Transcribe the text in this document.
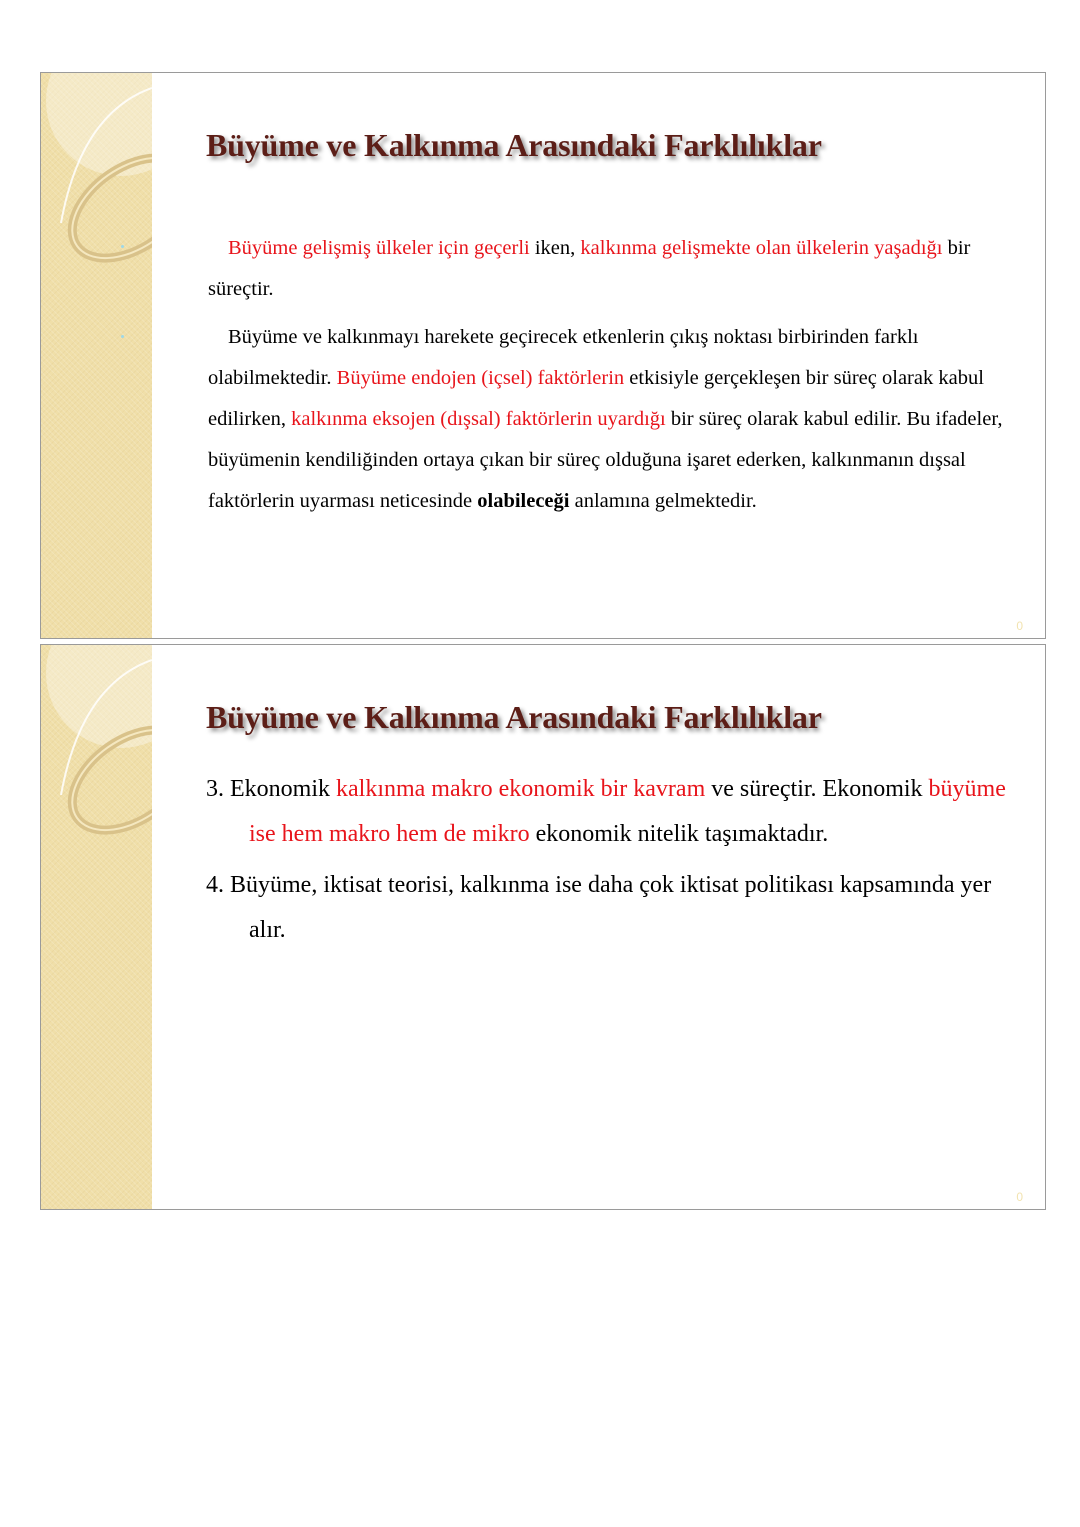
Büyüme ve Kalkınma Arasındaki Farklılıklar

Büyüme gelişmiş ülkeler için geçerli iken, kalkınma gelişmekte olan ülkelerin yaşadığı bir süreçtir.

Büyüme ve kalkınmayı harekete geçirecek etkenlerin çıkış noktası birbirinden farklı olabilmektedir. Büyüme endojen (içsel) faktörlerin etkisiyle gerçekleşen bir süreç olarak kabul edilirken, kalkınma eksojen (dışsal) faktörlerin uyardığı bir süreç olarak kabul edilir. Bu ifadeler, büyümenin kendiliğinden ortaya çıkan bir süreç olduğuna işaret ederken, kalkınmanın dışsal faktörlerin uyarması neticesinde olabileceği anlamına gelmektedir.

0
Büyüme ve Kalkınma Arasındaki Farklılıklar
3. Ekonomik kalkınma makro ekonomik bir kavram ve süreçtir. Ekonomik büyüme ise hem makro hem de mikro ekonomik nitelik taşımaktadır.
4. Büyüme, iktisat teorisi, kalkınma ise daha çok iktisat politikası kapsamında yer alır.
0
